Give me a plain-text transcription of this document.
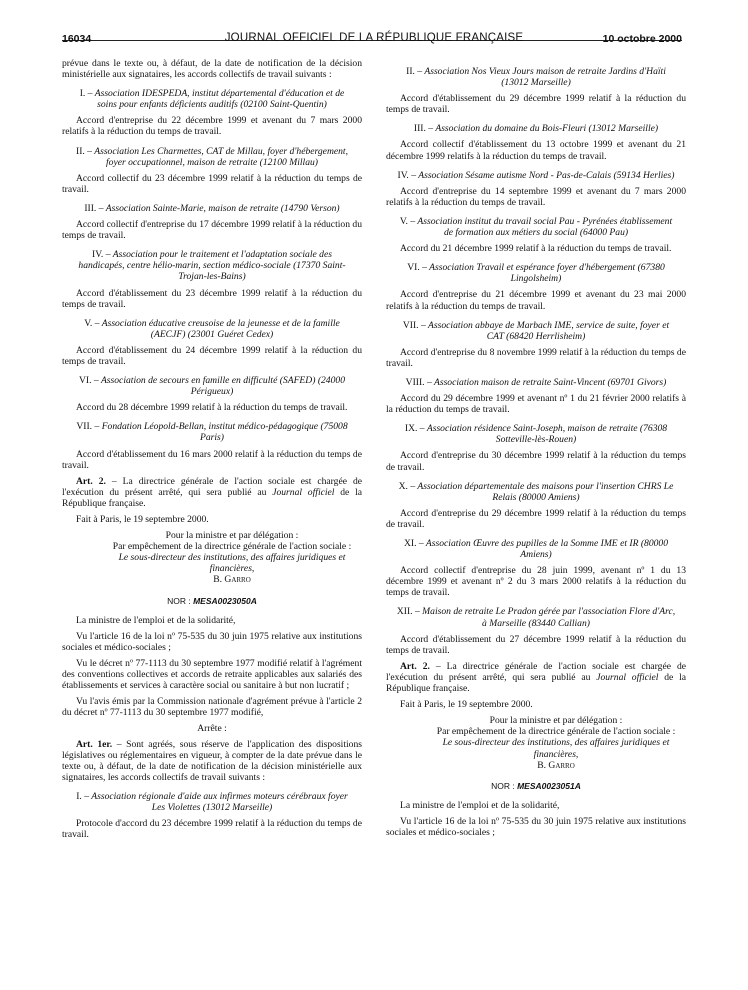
16034	JOURNAL OFFICIEL DE LA RÉPUBLIQUE FRANÇAISE	10 octobre 2000

prévue dans le texte ou, à défaut, de la date de notification de la décision ministérielle aux signataires, les accords collectifs de travail suivants :

I. – Association IDESPEDA, institut départemental d'éducation et de soins pour enfants déficients auditifs (02100 Saint-Quentin)

Accord d'entreprise du 22 décembre 1999 et avenant du 7 mars 2000 relatifs à la réduction du temps de travail.

II. – Association Les Charmettes, CAT de Millau, foyer d'hébergement, foyer occupationnel, maison de retraite (12100 Millau)

Accord collectif du 23 décembre 1999 relatif à la réduction du temps de travail.

III. – Association Sainte-Marie, maison de retraite (14790 Verson)

Accord collectif d'entreprise du 17 décembre 1999 relatif à la réduction du temps de travail.

IV. – Association pour le traitement et l'adaptation sociale des handicapés, centre hélio-marin, section médico-sociale (17370 Saint-Trojan-les-Bains)

Accord d'établissement du 23 décembre 1999 relatif à la réduction du temps de travail.

V. – Association éducative creusoise de la jeunesse et de la famille (AECJF) (23001 Guéret Cedex)

Accord d'établissement du 24 décembre 1999 relatif à la réduction du temps de travail.

VI. – Association de secours en famille en difficulté (SAFED) (24000 Périgueux)

Accord du 28 décembre 1999 relatif à la réduction du temps de travail.

VII. – Fondation Léopold-Bellan, institut médico-pédagogique (75008 Paris)

Accord d'établissement du 16 mars 2000 relatif à la réduction du temps de travail.

Art. 2. – La directrice générale de l'action sociale est chargée de l'exécution du présent arrêté, qui sera publié au Journal officiel de la République française.

Fait à Paris, le 19 septembre 2000.

Pour la ministre et par délégation :
Par empêchement de la directrice générale de l'action sociale :
Le sous-directeur des institutions, des affaires juridiques et financières,
B. Garro
NOR : MESA0023050A

La ministre de l'emploi et de la solidarité,

Vu l'article 16 de la loi nº 75-535 du 30 juin 1975 relative aux institutions sociales et médico-sociales ;

Vu le décret nº 77-1113 du 30 septembre 1977 modifié relatif à l'agrément des conventions collectives et accords de retraite applicables aux salariés des établissements et services à caractère social ou sanitaire à but non lucratif ;

Vu l'avis émis par la Commission nationale d'agrément prévue à l'article 2 du décret nº 77-1113 du 30 septembre 1977 modifié,

Arrête :

Art. 1er. – Sont agréés, sous réserve de l'application des dispositions législatives ou réglementaires en vigueur, à compter de la date prévue dans le texte ou, à défaut, de la date de notification de la décision ministérielle aux signataires, les accords collectifs de travail suivants :

I. – Association régionale d'aide aux infirmes moteurs cérébraux foyer Les Violettes (13012 Marseille)

Protocole d'accord du 23 décembre 1999 relatif à la réduction du temps de travail.

II. – Association Nos Vieux Jours maison de retraite Jardins d'Haïti (13012 Marseille)

Accord d'établissement du 29 décembre 1999 relatif à la réduction du temps de travail.

III. – Association du domaine du Bois-Fleuri (13012 Marseille)

Accord collectif d'établissement du 13 octobre 1999 et avenant du 21 décembre 1999 relatifs à la réduction du temps de travail.

IV. – Association Sésame autisme Nord - Pas-de-Calais (59134 Herlies)

Accord d'entreprise du 14 septembre 1999 et avenant du 7 mars 2000 relatifs à la réduction du temps de travail.

V. – Association institut du travail social Pau - Pyrénées établissement de formation aux métiers du social (64000 Pau)

Accord du 21 décembre 1999 relatif à la réduction du temps de travail.

VI. – Association Travail et espérance foyer d'hébergement (67380 Lingolsheim)

Accord d'entreprise du 21 décembre 1999 et avenant du 23 mai 2000 relatifs à la réduction du temps de travail.

VII. – Association abbaye de Marbach IME, service de suite, foyer et CAT (68420 Herrlisheim)

Accord d'entreprise du 8 novembre 1999 relatif à la réduction du temps de travail.

VIII. – Association maison de retraite Saint-Vincent (69701 Givors)

Accord du 29 décembre 1999 et avenant nº 1 du 21 février 2000 relatifs à la réduction du temps de travail.

IX. – Association résidence Saint-Joseph, maison de retraite (76308 Sotteville-lès-Rouen)

Accord d'entreprise du 30 décembre 1999 relatif à la réduction du temps de travail.

X. – Association départementale des maisons pour l'insertion CHRS Le Relais (80000 Amiens)

Accord d'entreprise du 29 décembre 1999 relatif à la réduction du temps de travail.

XI. – Association Œuvre des pupilles de la Somme IME et IR (80000 Amiens)

Accord collectif d'entreprise du 28 juin 1999, avenant nº 1 du 13 décembre 1999 et avenant nº 2 du 3 mars 2000 relatifs à la réduction du temps de travail.

XII. – Maison de retraite Le Pradon gérée par l'association Flore d'Arc, à Marseille (83440 Callian)

Accord d'établissement du 27 décembre 1999 relatif à la réduction du temps de travail.

Art. 2. – La directrice générale de l'action sociale est chargée de l'exécution du présent arrêté, qui sera publié au Journal officiel de la République française.

Fait à Paris, le 19 septembre 2000.

Pour la ministre et par délégation :
Par empêchement de la directrice générale de l'action sociale :
Le sous-directeur des institutions, des affaires juridiques et financières,
B. Garro
NOR : MESA0023051A

La ministre de l'emploi et de la solidarité,

Vu l'article 16 de la loi nº 75-535 du 30 juin 1975 relative aux institutions sociales et médico-sociales ;
